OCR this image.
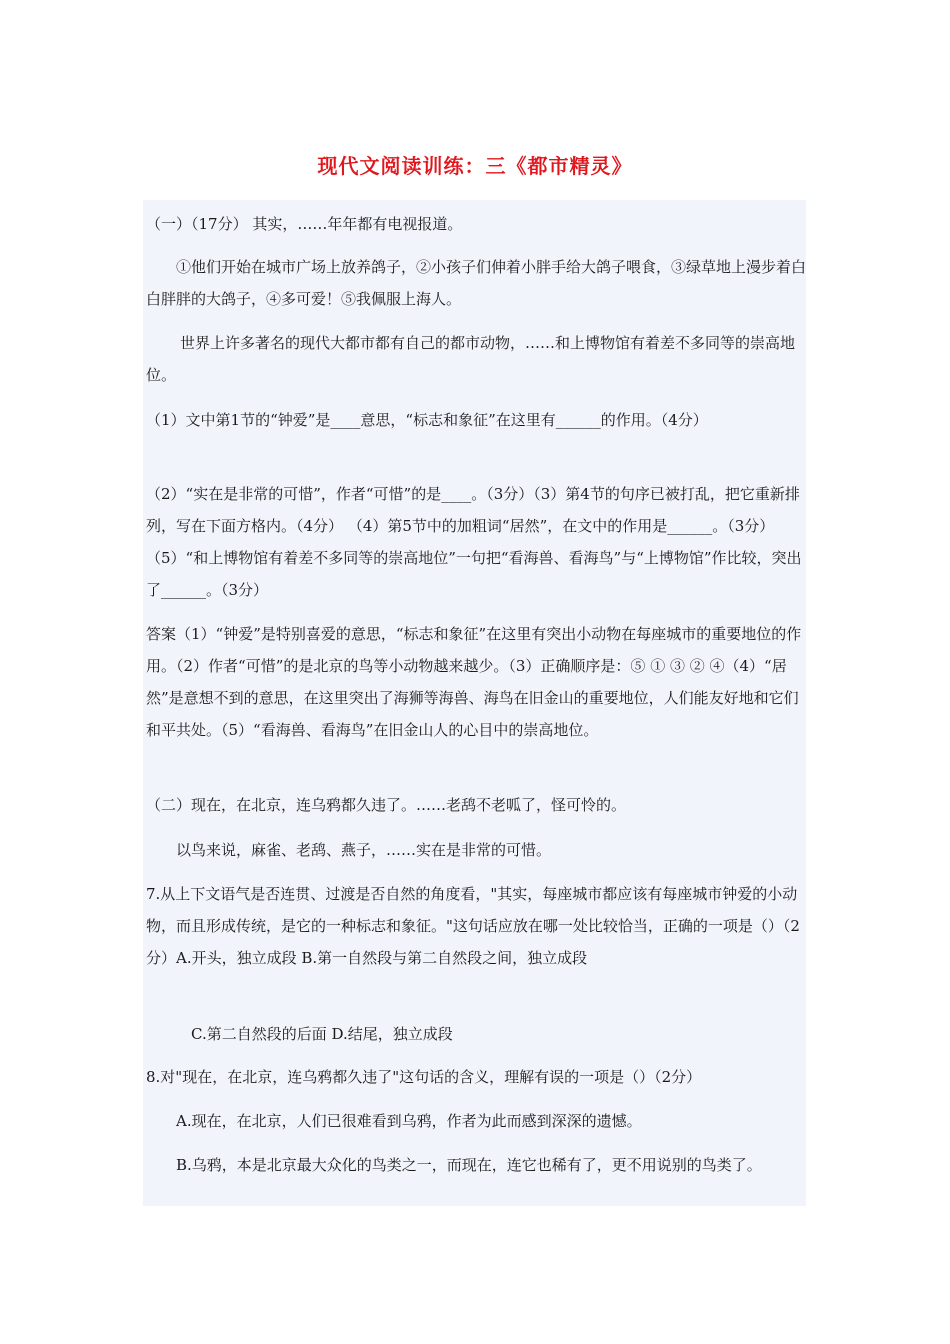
现代文阅读训练：三《都市精灵》

（一）（17分） 其实，……年年都有电视报道。

①他们开始在城市广场上放养鸽子，②小孩子们伸着小胖手给大鸽子喂食，③绿草地上漫步着白白胖胖的大鸽子，④多可爱！⑤我佩服上海人。

世界上许多著名的现代大都市都有自己的都市动物，……和上博物馆有着差不多同等的崇高地位。

（1）文中第1节的“钟爱”是____意思，“标志和象征”在这里有______的作用。（4分）

（2）“实在是非常的可惜”，作者“可惜”的是____。（3分）（3）第4节的句序已被打乱，把它重新排列，写在下面方格内。（4分） （4）第5节中的加粗词“居然”，在文中的作用是______。（3分）（5）“和上博物馆有着差不多同等的崇高地位”一句把“看海兽、看海鸟”与“上博物馆”作比较，突出了______。（3分）

答案（1）“钟爱”是特别喜爱的意思，“标志和象征”在这里有突出小动物在每座城市的重要地位的作用。（2）作者“可惜”的是北京的鸟等小动物越来越少。（3）正确顺序是：⑤ ① ③ ② ④（4）“居然”是意想不到的意思，在这里突出了海狮等海兽、海鸟在旧金山的重要地位，人们能友好地和它们和平共处。（5）“看海兽、看海鸟”在旧金山人的心目中的崇高地位。

（二）现在，在北京，连乌鸦都久违了。……老鸹不老呱了，怪可怜的。

以鸟来说，麻雀、老鸹、燕子，……实在是非常的可惜。

7.从上下文语气是否连贯、过渡是否自然的角度看，"其实，每座城市都应该有每座城市钟爱的小动物，而且形成传统，是它的一种标志和象征。"这句话应放在哪一处比较恰当，正确的一项是（）（2分）A.开头，独立成段 B.第一自然段与第二自然段之间，独立成段

C.第二自然段的后面 D.结尾，独立成段

8.对"现在，在北京，连乌鸦都久违了"这句话的含义，理解有误的一项是（）（2分）

A.现在，在北京，人们已很难看到乌鸦，作者为此而感到深深的遗憾。

B.乌鸦，本是北京最大众化的鸟类之一，而现在，连它也稀有了，更不用说别的鸟类了。
